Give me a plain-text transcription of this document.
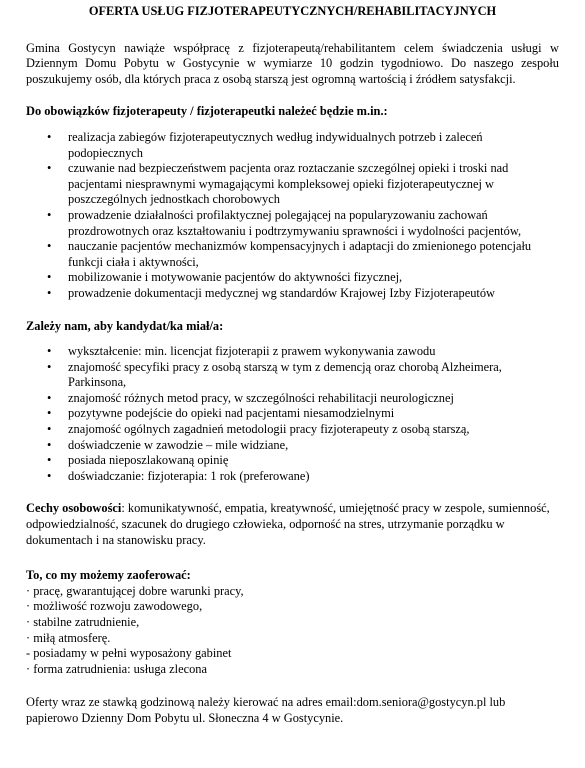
OFERTA USŁUG FIZJOTERAPEUTYCZNYCH/REHABILITACYJNYCH

Gmina Gostycyn nawiąże współpracę z fizjoterapeutą/rehabilitantem celem świadczenia usługi w Dziennym Domu Pobytu w Gostycynie w wymiarze 10 godzin tygodniowo. Do naszego zespołu poszukujemy osób, dla których praca z osobą starszą jest ogromną wartością i źródłem satysfakcji.

Do obowiązków fizjoterapeuty / fizjoterapeutki należeć będzie m.in.:

• realizacja zabiegów fizjoterapeutycznych według indywidualnych potrzeb i zaleceń podopiecznych
• czuwanie nad bezpieczeństwem pacjenta oraz roztaczanie szczególnej opieki i troski nad pacjentami niesprawnymi wymagającymi kompleksowej opieki fizjoterapeutycznej w poszczególnych jednostkach chorobowych
• prowadzenie działalności profilaktycznej polegającej na popularyzowaniu zachowań prozdrowotnych oraz kształtowaniu i podtrzymywaniu sprawności i wydolności pacjentów,
• nauczanie pacjentów mechanizmów kompensacyjnych i adaptacji do zmienionego potencjału funkcji ciała i aktywności,
• mobilizowanie i motywowanie pacjentów do aktywności fizycznej,
• prowadzenie dokumentacji medycznej wg standardów Krajowej Izby Fizjoterapeutów

Zależy nam, aby kandydat/ka miał/a:

• wykształcenie: min. licencjat fizjoterapii z prawem wykonywania zawodu
• znajomość specyfiki pracy z osobą starszą w tym z demencją oraz chorobą Alzheimera, Parkinsona,
• znajomość różnych metod pracy, w szczególności rehabilitacji neurologicznej
• pozytywne podejście do opieki nad pacjentami niesamodzielnymi
• znajomość ogólnych zagadnień metodologii pracy fizjoterapeuty z osobą starszą,
• doświadczenie w zawodzie – mile widziane,
• posiada nieposzlakowaną opinię
• doświadczanie: fizjoterapia: 1 rok (preferowane)

Cechy osobowości: komunikatywność, empatia, kreatywność, umiejętność pracy w zespole, sumienność, odpowiedzialność, szacunek do drugiego człowieka, odporność na stres, utrzymanie porządku w dokumentach i na stanowisku pracy.

To, co my możemy zaoferować:

· pracę, gwarantującej dobre warunki pracy,
· możliwość rozwoju zawodowego,
· stabilne zatrudnienie,
· miłą atmosferę.
- posiadamy w pełni wyposażony gabinet
· forma zatrudnienia: usługa zlecona

Oferty wraz ze stawką godzinową należy kierować na adres email:dom.seniora@gostycyn.pl lub papierowo Dzienny Dom Pobytu ul. Słoneczna 4 w Gostycynie.
